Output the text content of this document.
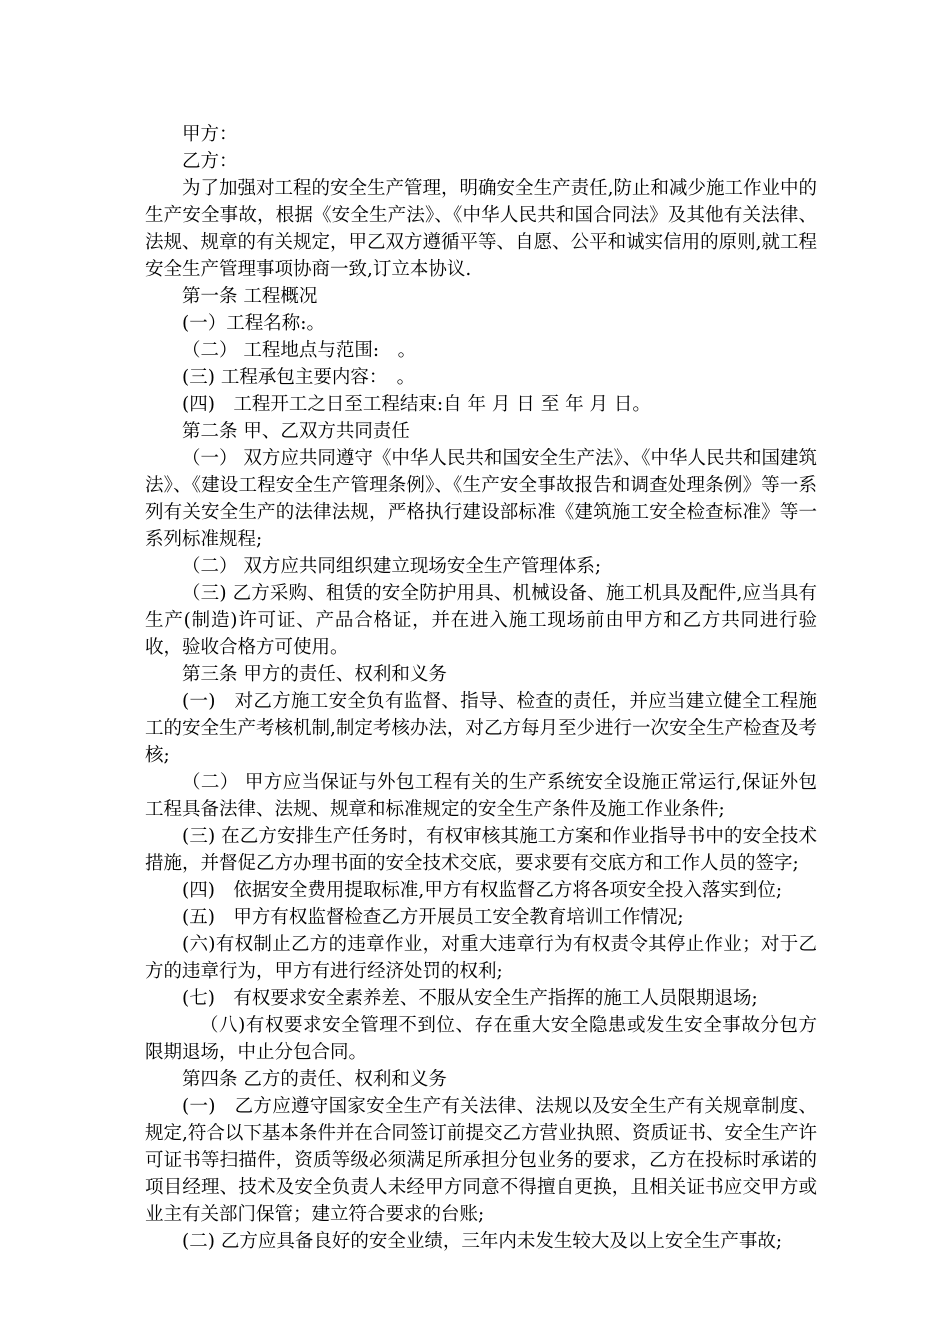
甲方：

乙方：

为了加强对工程的安全生产管理，明确安全生产责任,防止和减少施工作业中的生产安全事故，根据《安全生产法》、《中华人民共和国合同法》及其他有关法律、法规、规章的有关规定，甲乙双方遵循平等、自愿、公平和诚实信用的原则,就工程安全生产管理事项协商一致,订立本协议.

第一条 工程概况

(一）工程名称:。

（二） 工程地点与范围:　。

(三) 工程承包主要内容：　。

(四)　工程开工之日至工程结束:自 年 月 日 至 年 月 日。

第二条 甲、乙双方共同责任

（一） 双方应共同遵守《中华人民共和国安全生产法》、《中华人民共和国建筑法》、《建设工程安全生产管理条例》、《生产安全事故报告和调查处理条例》等一系列有关安全生产的法律法规，严格执行建设部标准《建筑施工安全检查标准》等一系列标准规程;

（二） 双方应共同组织建立现场安全生产管理体系;

（三) 乙方采购、租赁的安全防护用具、机械设备、施工机具及配件,应当具有生产(制造)许可证、产品合格证，并在进入施工现场前由甲方和乙方共同进行验收，验收合格方可使用。

第三条 甲方的责任、权利和义务

(一)　对乙方施工安全负有监督、指导、检查的责任，并应当建立健全工程施工的安全生产考核机制,制定考核办法，对乙方每月至少进行一次安全生产检查及考核;

（二） 甲方应当保证与外包工程有关的生产系统安全设施正常运行,保证外包工程具备法律、法规、规章和标准规定的安全生产条件及施工作业条件;

(三) 在乙方安排生产任务时，有权审核其施工方案和作业指导书中的安全技术措施，并督促乙方办理书面的安全技术交底，要求要有交底方和工作人员的签字;

(四)　依据安全费用提取标准,甲方有权监督乙方将各项安全投入落实到位;

(五)　甲方有权监督检查乙方开展员工安全教育培训工作情况;

(六)有权制止乙方的违章作业，对重大违章行为有权责令其停止作业；对于乙方的违章行为，甲方有进行经济处罚的权利;

(七)　有权要求安全素养差、不服从安全生产指挥的施工人员限期退场;

（八)有权要求安全管理不到位、存在重大安全隐患或发生安全事故分包方限期退场，中止分包合同。

第四条 乙方的责任、权利和义务

(一)　乙方应遵守国家安全生产有关法律、法规以及安全生产有关规章制度、规定,符合以下基本条件并在合同签订前提交乙方营业执照、资质证书、安全生产许可证书等扫描件，资质等级必须满足所承担分包业务的要求，乙方在投标时承诺的项目经理、技术及安全负责人未经甲方同意不得擅自更换，且相关证书应交甲方或业主有关部门保管；建立符合要求的台账;

(二) 乙方应具备良好的安全业绩，三年内未发生较大及以上安全生产事故;
